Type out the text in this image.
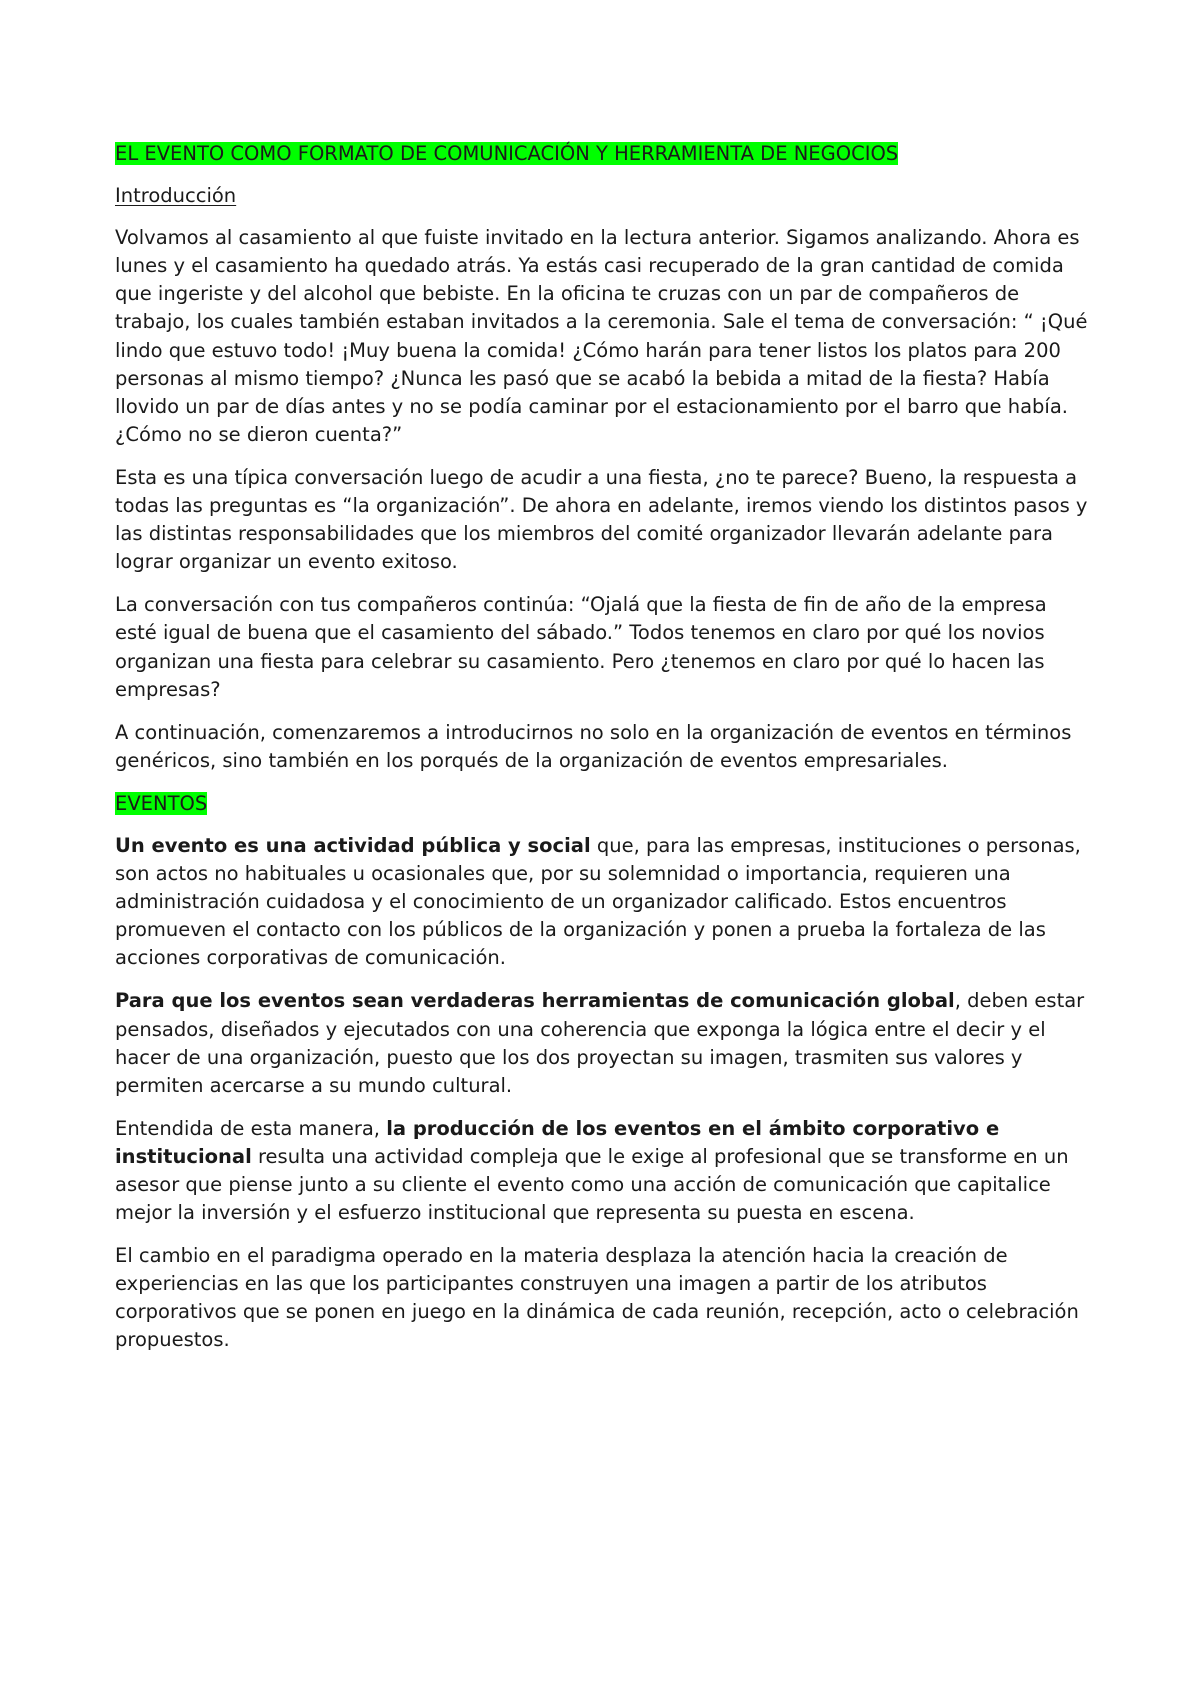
EL EVENTO COMO FORMATO DE COMUNICACIÓN Y HERRAMIENTA DE NEGOCIOS
Introducción

Volvamos al casamiento al que fuiste invitado en la lectura anterior. Sigamos analizando. Ahora es lunes y el casamiento ha quedado atrás. Ya estás casi recuperado de la gran cantidad de comida que ingeriste y del alcohol que bebiste. En la oficina te cruzas con un par de compañeros de trabajo, los cuales también estaban invitados a la ceremonia. Sale el tema de conversación: “ ¡Qué lindo que estuvo todo! ¡Muy buena la comida! ¿Cómo harán para tener listos los platos para 200 personas al mismo tiempo? ¿Nunca les pasó que se acabó la bebida a mitad de la fiesta? Había llovido un par de días antes y no se podía caminar por el estacionamiento por el barro que había. ¿Cómo no se dieron cuenta?”

Esta es una típica conversación luego de acudir a una fiesta, ¿no te parece? Bueno, la respuesta a todas las preguntas es “la organización”. De ahora en adelante, iremos viendo los distintos pasos y las distintas responsabilidades que los miembros del comité organizador llevarán adelante para lograr organizar un evento exitoso.

La conversación con tus compañeros continúa: “Ojalá que la fiesta de fin de año de la empresa esté igual de buena que el casamiento del sábado.” Todos tenemos en claro por qué los novios organizan una fiesta para celebrar su casamiento. Pero ¿tenemos en claro por qué lo hacen las empresas?

A continuación, comenzaremos a introducirnos no solo en la organización de eventos en términos genéricos, sino también en los porqués de la organización de eventos empresariales.

EVENTOS

Un evento es una actividad pública y social que, para las empresas, instituciones o personas, son actos no habituales u ocasionales que, por su solemnidad o importancia, requieren una administración cuidadosa y el conocimiento de un organizador calificado. Estos encuentros promueven el contacto con los públicos de la organización y ponen a prueba la fortaleza de las acciones corporativas de comunicación.

Para que los eventos sean verdaderas herramientas de comunicación global, deben estar pensados, diseñados y ejecutados con una coherencia que exponga la lógica entre el decir y el hacer de una organización, puesto que los dos proyectan su imagen, trasmiten sus valores y permiten acercarse a su mundo cultural.

Entendida de esta manera, la producción de los eventos en el ámbito corporativo e institucional resulta una actividad compleja que le exige al profesional que se transforme en un asesor que piense junto a su cliente el evento como una acción de comunicación que capitalice mejor la inversión y el esfuerzo institucional que representa su puesta en escena.

El cambio en el paradigma operado en la materia desplaza la atención hacia la creación de experiencias en las que los participantes construyen una imagen a partir de los atributos corporativos que se ponen en juego en la dinámica de cada reunión, recepción, acto o celebración propuestos.
